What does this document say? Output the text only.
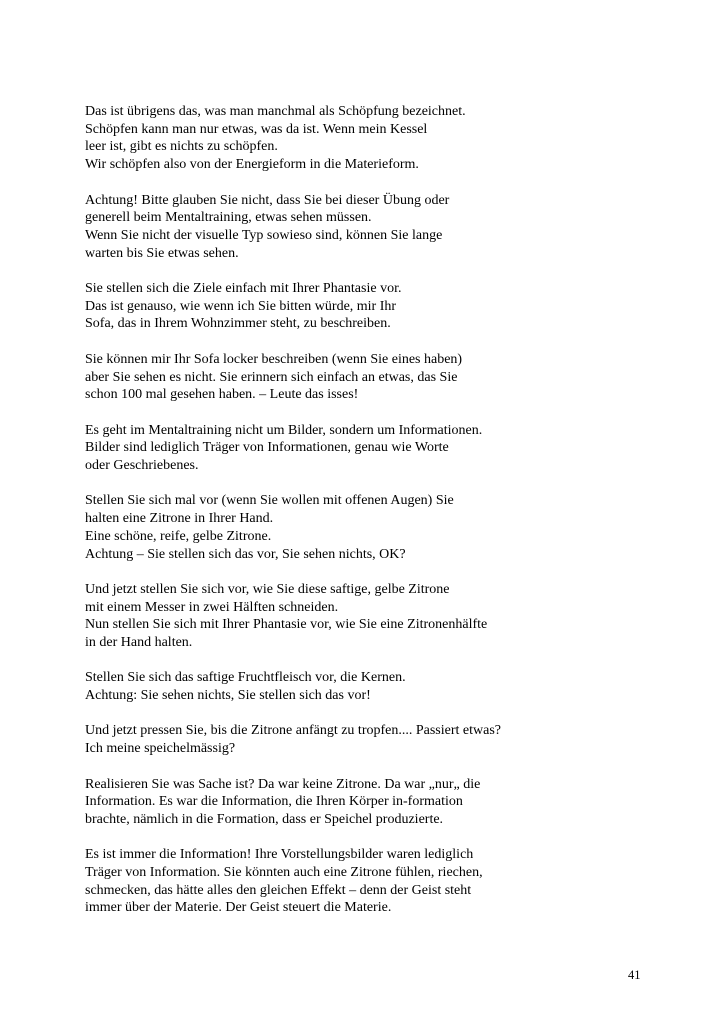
Das ist übrigens das, was man manchmal als Schöpfung bezeichnet.
Schöpfen kann man nur etwas, was da ist. Wenn mein Kessel
leer ist, gibt es nichts zu schöpfen.
Wir schöpfen also von der Energieform in die Materieform.

Achtung! Bitte glauben Sie nicht, dass Sie bei dieser Übung oder
generell beim Mentaltraining, etwas sehen müssen.
Wenn Sie nicht der visuelle Typ sowieso sind, können Sie lange
warten bis Sie etwas sehen.

Sie stellen sich die Ziele einfach mit Ihrer Phantasie vor.
Das ist genauso, wie wenn ich Sie bitten würde, mir Ihr
Sofa, das in Ihrem Wohnzimmer steht, zu beschreiben.

Sie können mir Ihr Sofa locker beschreiben (wenn Sie eines haben)
aber Sie sehen es nicht. Sie erinnern sich einfach an etwas, das Sie
schon 100 mal gesehen haben. – Leute das isses!

Es geht im Mentaltraining nicht um Bilder, sondern um Informationen.
Bilder sind lediglich Träger von Informationen, genau wie Worte
oder Geschriebenes.

Stellen Sie sich mal vor (wenn Sie wollen mit offenen Augen) Sie
halten eine Zitrone in Ihrer Hand.
Eine schöne, reife, gelbe Zitrone.
Achtung – Sie stellen sich das vor, Sie sehen nichts, OK?

Und jetzt stellen Sie sich vor, wie Sie diese saftige, gelbe Zitrone
mit einem Messer in zwei Hälften schneiden.
Nun stellen Sie sich mit Ihrer Phantasie vor, wie Sie eine Zitronenhälfte
in der Hand halten.

Stellen Sie sich das saftige Fruchtfleisch vor, die Kernen.
Achtung: Sie sehen nichts, Sie stellen sich das vor!

Und jetzt pressen Sie, bis die Zitrone anfängt zu tropfen.... Passiert etwas?
Ich meine speichelmässig?

Realisieren Sie was Sache ist? Da war keine Zitrone. Da war „nur„ die
Information. Es war die Information, die Ihren Körper in-formation
brachte, nämlich in die Formation, dass er Speichel produzierte.

Es ist immer die Information! Ihre Vorstellungsbilder waren lediglich
Träger von Information. Sie könnten auch eine Zitrone fühlen, riechen,
schmecken, das hätte alles den gleichen Effekt – denn der Geist steht
immer über der Materie. Der Geist steuert die Materie.

41
